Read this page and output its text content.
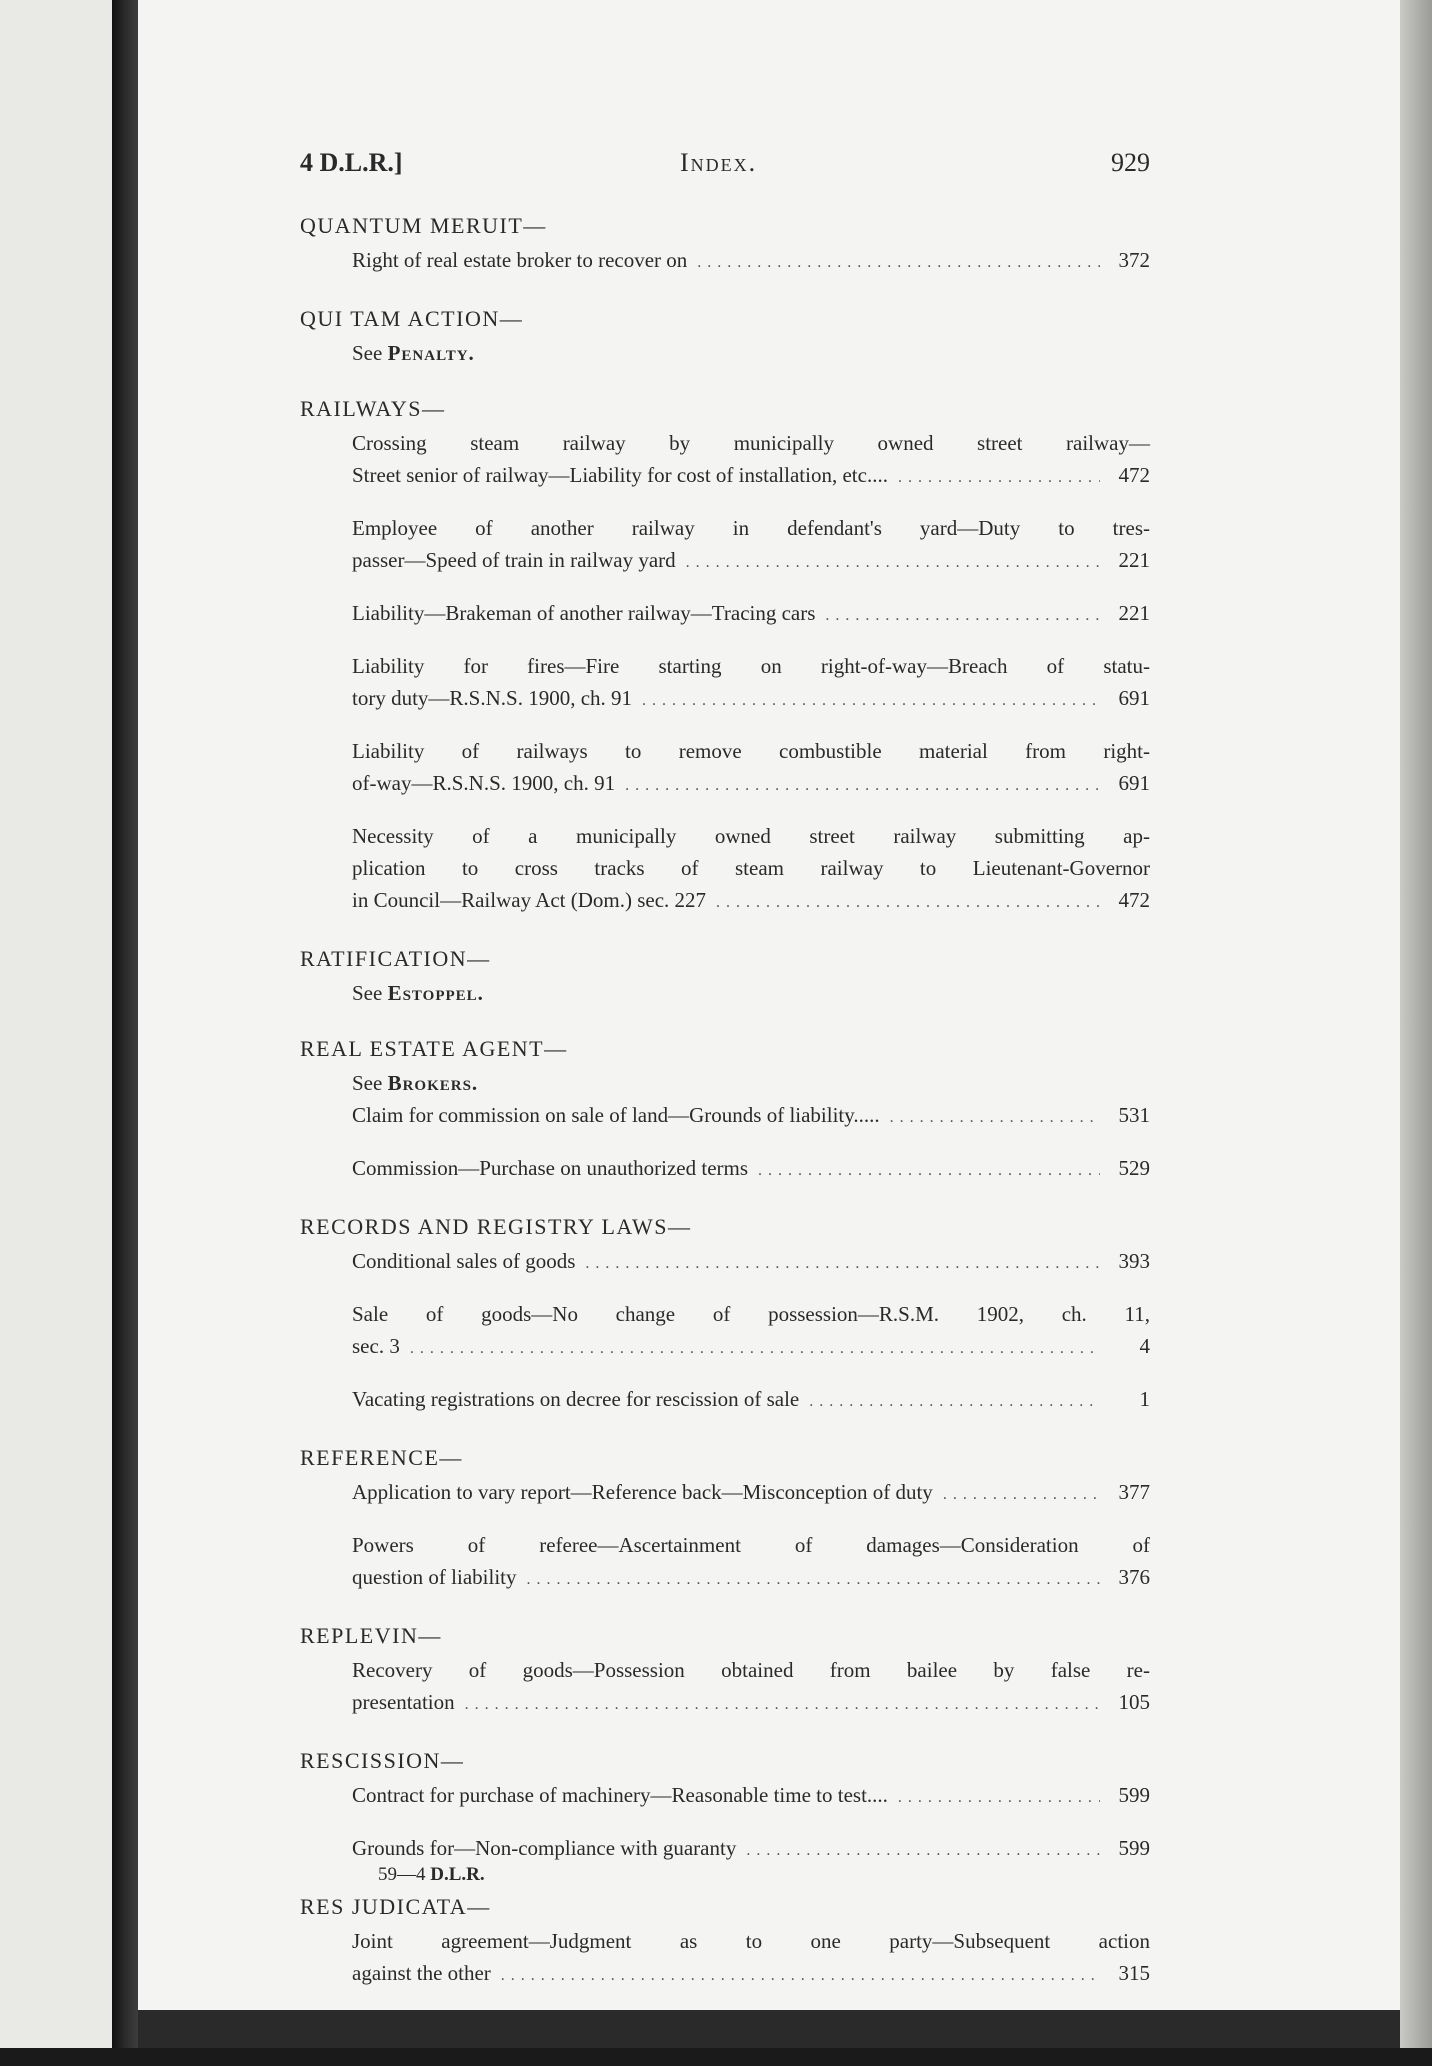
4 D.L.R.]	Index.	929
QUANTUM MERUIT—
Right of real estate broker to recover on . . .	372
QUI TAM ACTION—
See Penalty.
RAILWAYS—
Crossing steam railway by municipally owned street railway—
Street senior of railway—Liability for cost of installation, etc.... . . .	472
Employee of another railway in defendant's yard—Duty to tres-
passer—Speed of train in railway yard . . .	221
Liability—Brakeman of another railway—Tracing cars . . .	221
Liability for fires—Fire starting on right-of-way—Breach of statu-
tory duty—R.S.N.S. 1900, ch. 91 . . .	691
Liability of railways to remove combustible material from right-
of-way—R.S.N.S. 1900, ch. 91 . . .	691
Necessity of a municipally owned street railway submitting ap-
plication to cross tracks of steam railway to Lieutenant-Governor
in Council—Railway Act (Dom.) sec. 227 . . .	472
RATIFICATION—
See Estoppel.
REAL ESTATE AGENT—
See Brokers.
Claim for commission on sale of land—Grounds of liability..... . . .	531
Commission—Purchase on unauthorized terms . . .	529
RECORDS AND REGISTRY LAWS—
Conditional sales of goods . . .	393
Sale of goods—No change of possession—R.S.M. 1902, ch. 11,
sec. 3 . . .	4
Vacating registrations on decree for rescission of sale . . .	1
REFERENCE—
Application to vary report—Reference back—Misconception of duty . . .	377
Powers of referee—Ascertainment of damages—Consideration of
question of liability . . .	376
REPLEVIN—
Recovery of goods—Possession obtained from bailee by false re-
presentation . . .	105
RESCISSION—
Contract for purchase of machinery—Reasonable time to test.... . . .	599
Grounds for—Non-compliance with guaranty . . .	599
RES JUDICATA—
Joint agreement—Judgment as to one party—Subsequent action
against the other . . .	315
See Judgment.
59—4 D.L.R.
